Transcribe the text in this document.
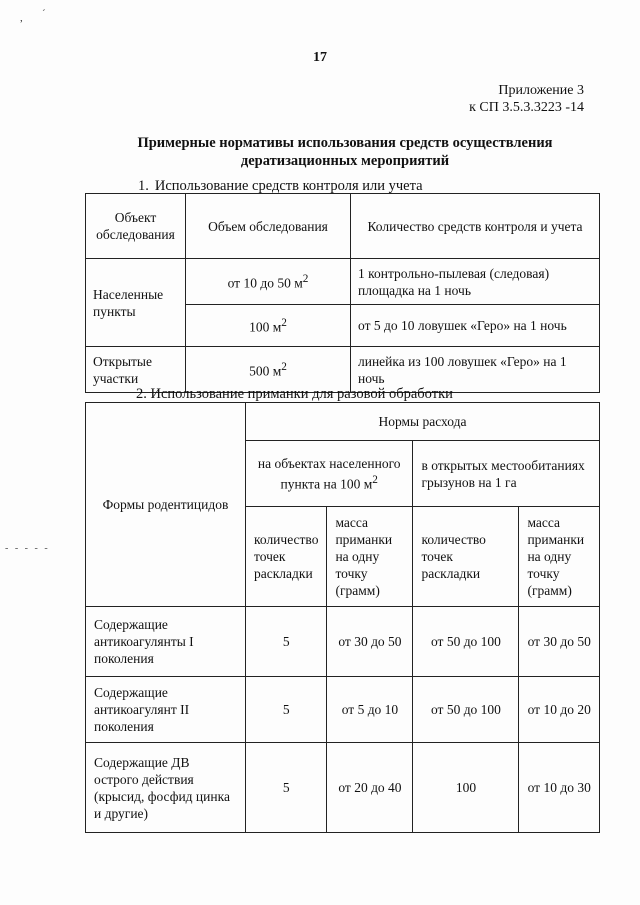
, ´
- - - - -
17
Приложение 3
к СП 3.5.3.3223 -14
Примерные нормативы использования средств осуществления
дератизационных мероприятий
1. Использование средств контроля или учета
Объект обследования	Объем обследования	Количество средств контроля и учета
Населенные пункты	от 10 до 50 $м^2$	1 контрольно-пылевая (следовая) площадка на 1 ночь
	100 $м^2$	от 5 до 10 ловушек «Геро» на 1 ночь
Открытые участки	500 $м^2$	линейка из 100 ловушек «Геро» на 1 ночь
2. Использование приманки для разовой обработки
Формы родентицидов	Нормы расхода			
	на объектах населенного пункта на 100 $м^2$		в открытых местообитаниях грызунов на 1 га	
	количество точек раскладки	масса приманки на одну точку (грамм)	количество точек раскладки	масса приманки на одну точку (грамм)
Содержащие антикоагулянты I поколения	5	от 30 до 50	от 50 до 100	от 30 до 50
Содержащие антикоагулянт II поколения	5	от 5 до 10	от 50 до 100	от 10 до 20
Содержащие ДВ острого действия (крысид, фосфид цинка и другие)	5	от 20 до 40	100	от 10 до 30
